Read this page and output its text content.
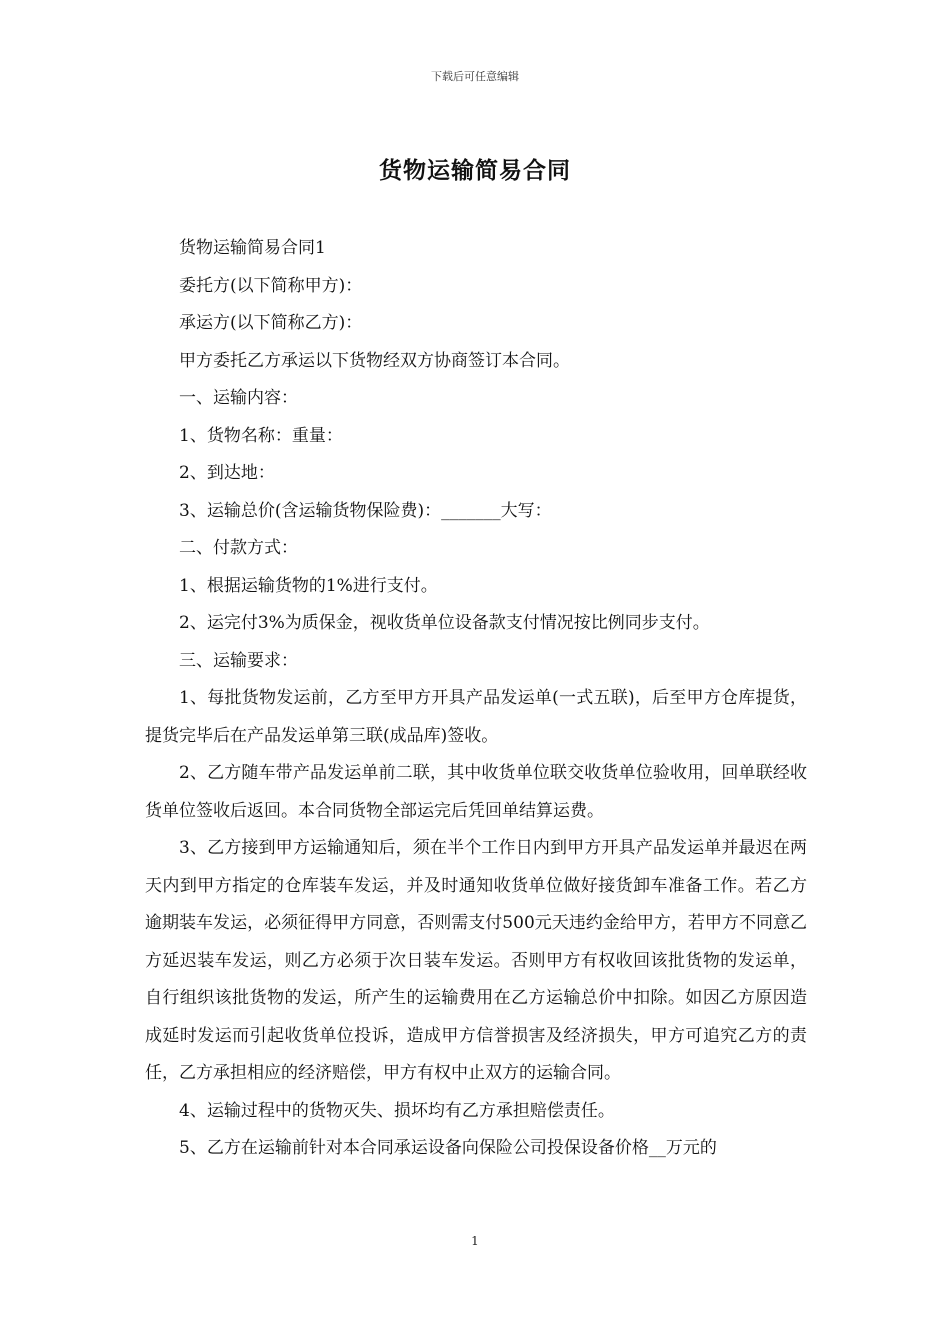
下载后可任意编辑
货物运输简易合同

货物运输简易合同1

委托方(以下简称甲方)：

承运方(以下简称乙方)：

甲方委托乙方承运以下货物经双方协商签订本合同。

一、运输内容：

1、货物名称：重量：

2、到达地：

3、运输总价(含运输货物保险费)：_______大写：

二、付款方式：

1、根据运输货物的1%进行支付。

2、运完付3%为质保金，视收货单位设备款支付情况按比例同步支付。

三、运输要求：

1、每批货物发运前，乙方至甲方开具产品发运单(一式五联)，后至甲方仓库提货，提货完毕后在产品发运单第三联(成品库)签收。

2、乙方随车带产品发运单前二联，其中收货单位联交收货单位验收用，回单联经收货单位签收后返回。本合同货物全部运完后凭回单结算运费。

3、乙方接到甲方运输通知后，须在半个工作日内到甲方开具产品发运单并最迟在两天内到甲方指定的仓库装车发运，并及时通知收货单位做好接货卸车准备工作。若乙方逾期装车发运，必须征得甲方同意，否则需支付500元天违约金给甲方，若甲方不同意乙方延迟装车发运，则乙方必须于次日装车发运。否则甲方有权收回该批货物的发运单，自行组织该批货物的发运，所产生的运输费用在乙方运输总价中扣除。如因乙方原因造成延时发运而引起收货单位投诉，造成甲方信誉损害及经济损失，甲方可追究乙方的责任，乙方承担相应的经济赔偿，甲方有权中止双方的运输合同。

4、运输过程中的货物灭失、损坏均有乙方承担赔偿责任。

5、乙方在运输前针对本合同承运设备向保险公司投保设备价格__万元的

1
